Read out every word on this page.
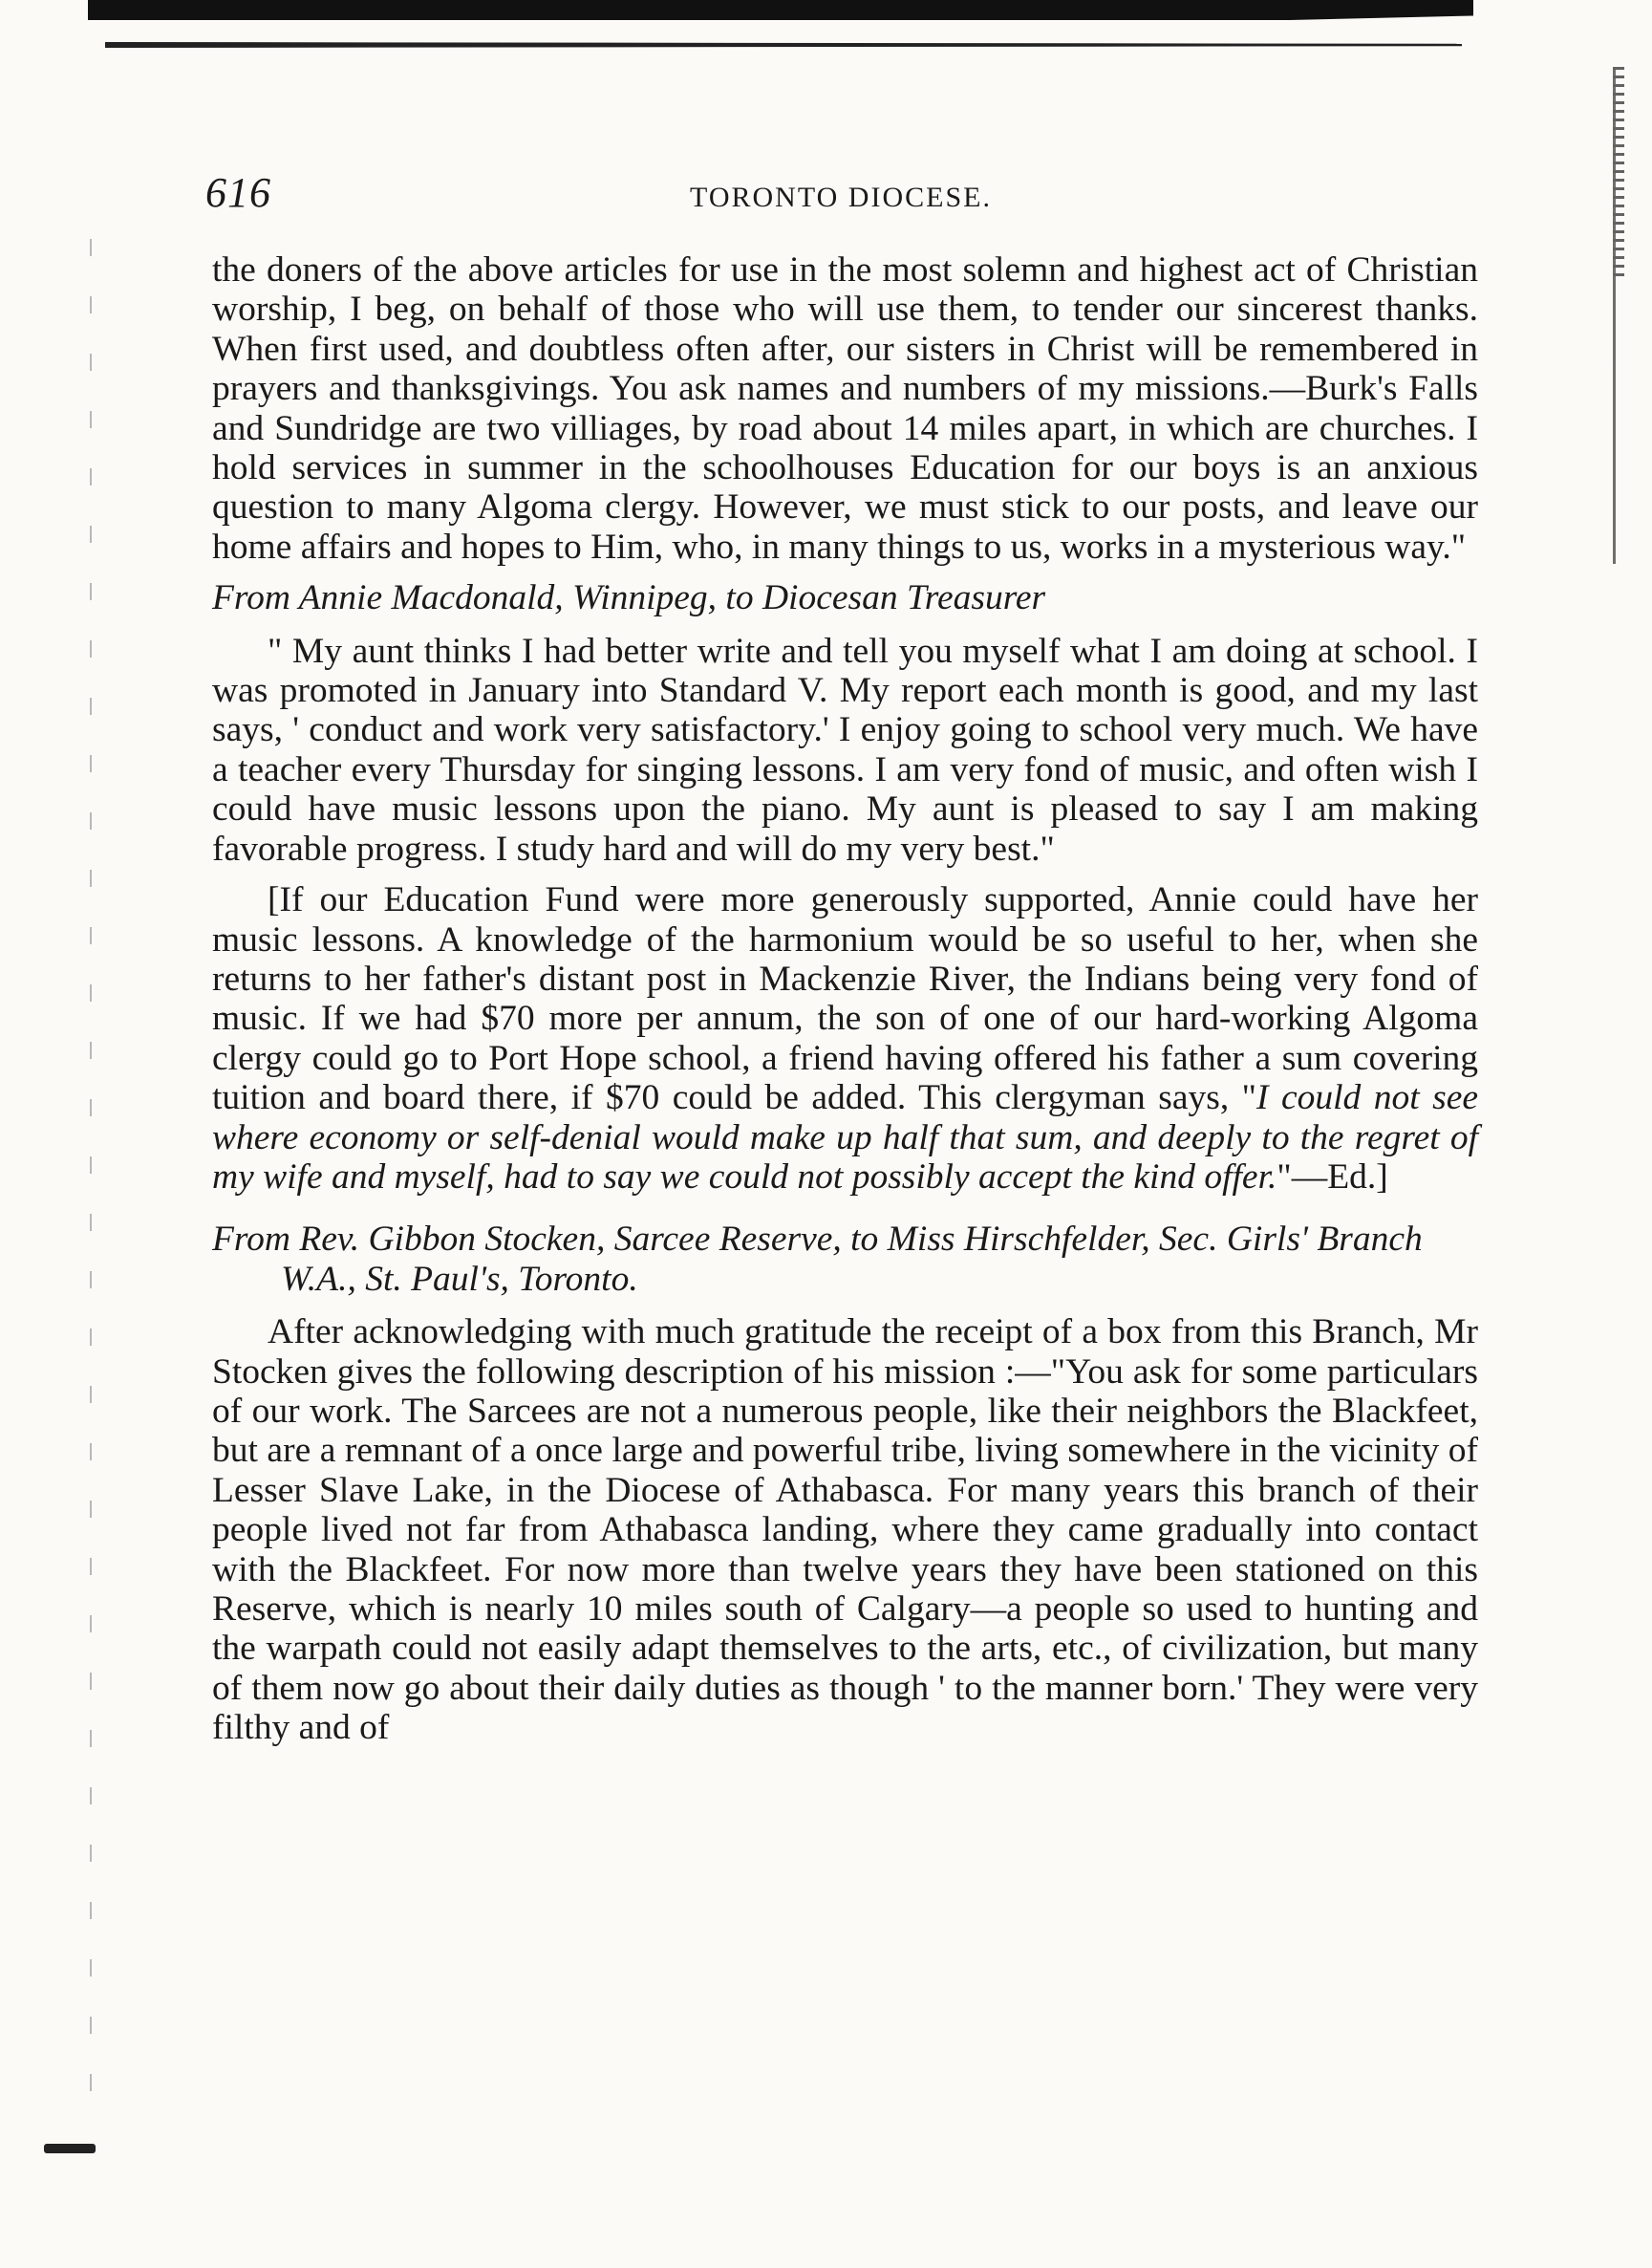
616	TORONTO DIOCESE.

the doners of the above articles for use in the most solemn and highest act of Christian worship, I beg, on behalf of those who will use them, to tender our sincerest thanks. When first used, and doubtless often after, our sisters in Christ will be remembered in prayers and thanksgivings. You ask names and numbers of my missions.—Burk's Falls and Sundridge are two villiages, by road about 14 miles apart, in which are churches. I hold services in summer in the schoolhouses Education for our boys is an anxious question to many Algoma clergy. However, we must stick to our posts, and leave our home affairs and hopes to Him, who, in many things to us, works in a mysterious way."

From Annie Macdonald, Winnipeg, to Diocesan Treasurer

" My aunt thinks I had better write and tell you myself what I am doing at school. I was promoted in January into Standard V. My report each month is good, and my last says, ' conduct and work very satisfactory.' I enjoy going to school very much. We have a teacher every Thursday for singing lessons. I am very fond of music, and often wish I could have music lessons upon the piano. My aunt is pleased to say I am making favorable progress. I study hard and will do my very best."

[If our Education Fund were more generously supported, Annie could have her music lessons. A knowledge of the harmonium would be so useful to her, when she returns to her father's distant post in Mackenzie River, the Indians being very fond of music. If we had $70 more per annum, the son of one of our hard-working Algoma clergy could go to Port Hope school, a friend having offered his father a sum covering tuition and board there, if $70 could be added. This clergyman says, "I could not see where economy or self-denial would make up half that sum, and deeply to the regret of my wife and myself, had to say we could not possibly accept the kind offer."—Ed.]

From Rev. Gibbon Stocken, Sarcee Reserve, to Miss Hirschfelder, Sec. Girls' Branch W.A., St. Paul's, Toronto.

After acknowledging with much gratitude the receipt of a box from this Branch, Mr Stocken gives the following description of his mission :—"You ask for some particulars of our work. The Sarcees are not a numerous people, like their neighbors the Blackfeet, but are a remnant of a once large and powerful tribe, living somewhere in the vicinity of Lesser Slave Lake, in the Diocese of Athabasca. For many years this branch of their people lived not far from Athabasca landing, where they came gradually into contact with the Blackfeet. For now more than twelve years they have been stationed on this Reserve, which is nearly 10 miles south of Calgary—a people so used to hunting and the warpath could not easily adapt themselves to the arts, etc., of civilization, but many of them now go about their daily duties as though ' to the manner born.' They were very filthy and of
